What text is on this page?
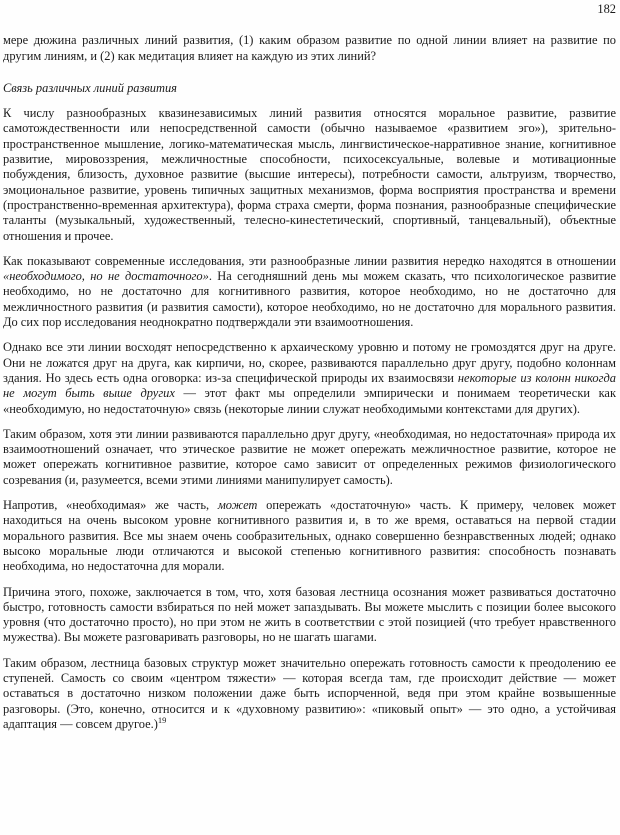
182

мере дюжина различных линий развития, (1) каким образом развитие по одной линии влияет на развитие по другим линиям, и (2) как медитация влияет на каждую из этих линий?

Связь различных линий развития

К числу разнообразных квазинезависимых линий развития относятся моральное развитие, развитие самотождественности или непосредственной самости (обычно называемое «развитием эго»), зрительно-пространственное мышление, логико-математическая мысль, лингвистическое-нарративное знание, когнитивное развитие, мировоззрения, межличностные способности, психосексуальные, волевые и мотивационные побуждения, близость, духовное развитие (высшие интересы), потребности самости, альтруизм, творчество, эмоциональное развитие, уровень типичных защитных механизмов, форма восприятия пространства и времени (пространственно-временная архитектура), форма страха смерти, форма познания, разнообразные специфические таланты (музыкальный, художественный, телесно-кинестетический, спортивный, танцевальный), объектные отношения и прочее.

Как показывают современные исследования, эти разнообразные линии развития нередко находятся в отношении «необходимого, но не достаточного». На сегодняшний день мы можем сказать, что психологическое развитие необходимо, но не достаточно для когнитивного развития, которое необходимо, но не достаточно для межличностного развития (и развития самости), которое необходимо, но не достаточно для морального развития. До сих пор исследования неоднократно подтверждали эти взаимоотношения.

Однако все эти линии восходят непосредственно к архаическому уровню и потому не громоздятся друг на друге. Они не ложатся друг на друга, как кирпичи, но, скорее, развиваются параллельно друг другу, подобно колоннам здания. Но здесь есть одна оговорка: из-за специфической природы их взаимосвязи некоторые из колонн никогда не могут быть выше других — этот факт мы определили эмпирически и понимаем теоретически как «необходимую, но недостаточную» связь (некоторые линии служат необходимыми контекстами для других).

Таким образом, хотя эти линии развиваются параллельно друг другу, «необходимая, но недостаточная» природа их взаимоотношений означает, что этическое развитие не может опережать межличностное развитие, которое не может опережать когнитивное развитие, которое само зависит от определенных режимов физиологического созревания (и, разумеется, всеми этими линиями манипулирует самость).

Напротив, «необходимая» же часть, может опережать «достаточную» часть. К примеру, человек может находиться на очень высоком уровне когнитивного развития и, в то же время, оставаться на первой стадии морального развития. Все мы знаем очень сообразительных, однако совершенно безнравственных людей; однако высоко моральные люди отличаются и высокой степенью когнитивного развития: способность познавать необходима, но недостаточна для морали.

Причина этого, похоже, заключается в том, что, хотя базовая лестница осознания может развиваться достаточно быстро, готовность самости взбираться по ней может запаздывать. Вы можете мыслить с позиции более высокого уровня (что достаточно просто), но при этом не жить в соответствии с этой позицией (что требует нравственного мужества). Вы можете разговаривать разговоры, но не шагать шагами.

Таким образом, лестница базовых структур может значительно опережать готовность самости к преодолению ее ступеней. Самость со своим «центром тяжести» — которая всегда там, где происходит действие — может оставаться в достаточно низком положении даже быть испорченной, ведя при этом крайне возвышенные разговоры. (Это, конечно, относится и к «духовному развитию»: «пиковый опыт» — это одно, а устойчивая адаптация — совсем другое.)$^{19}$
